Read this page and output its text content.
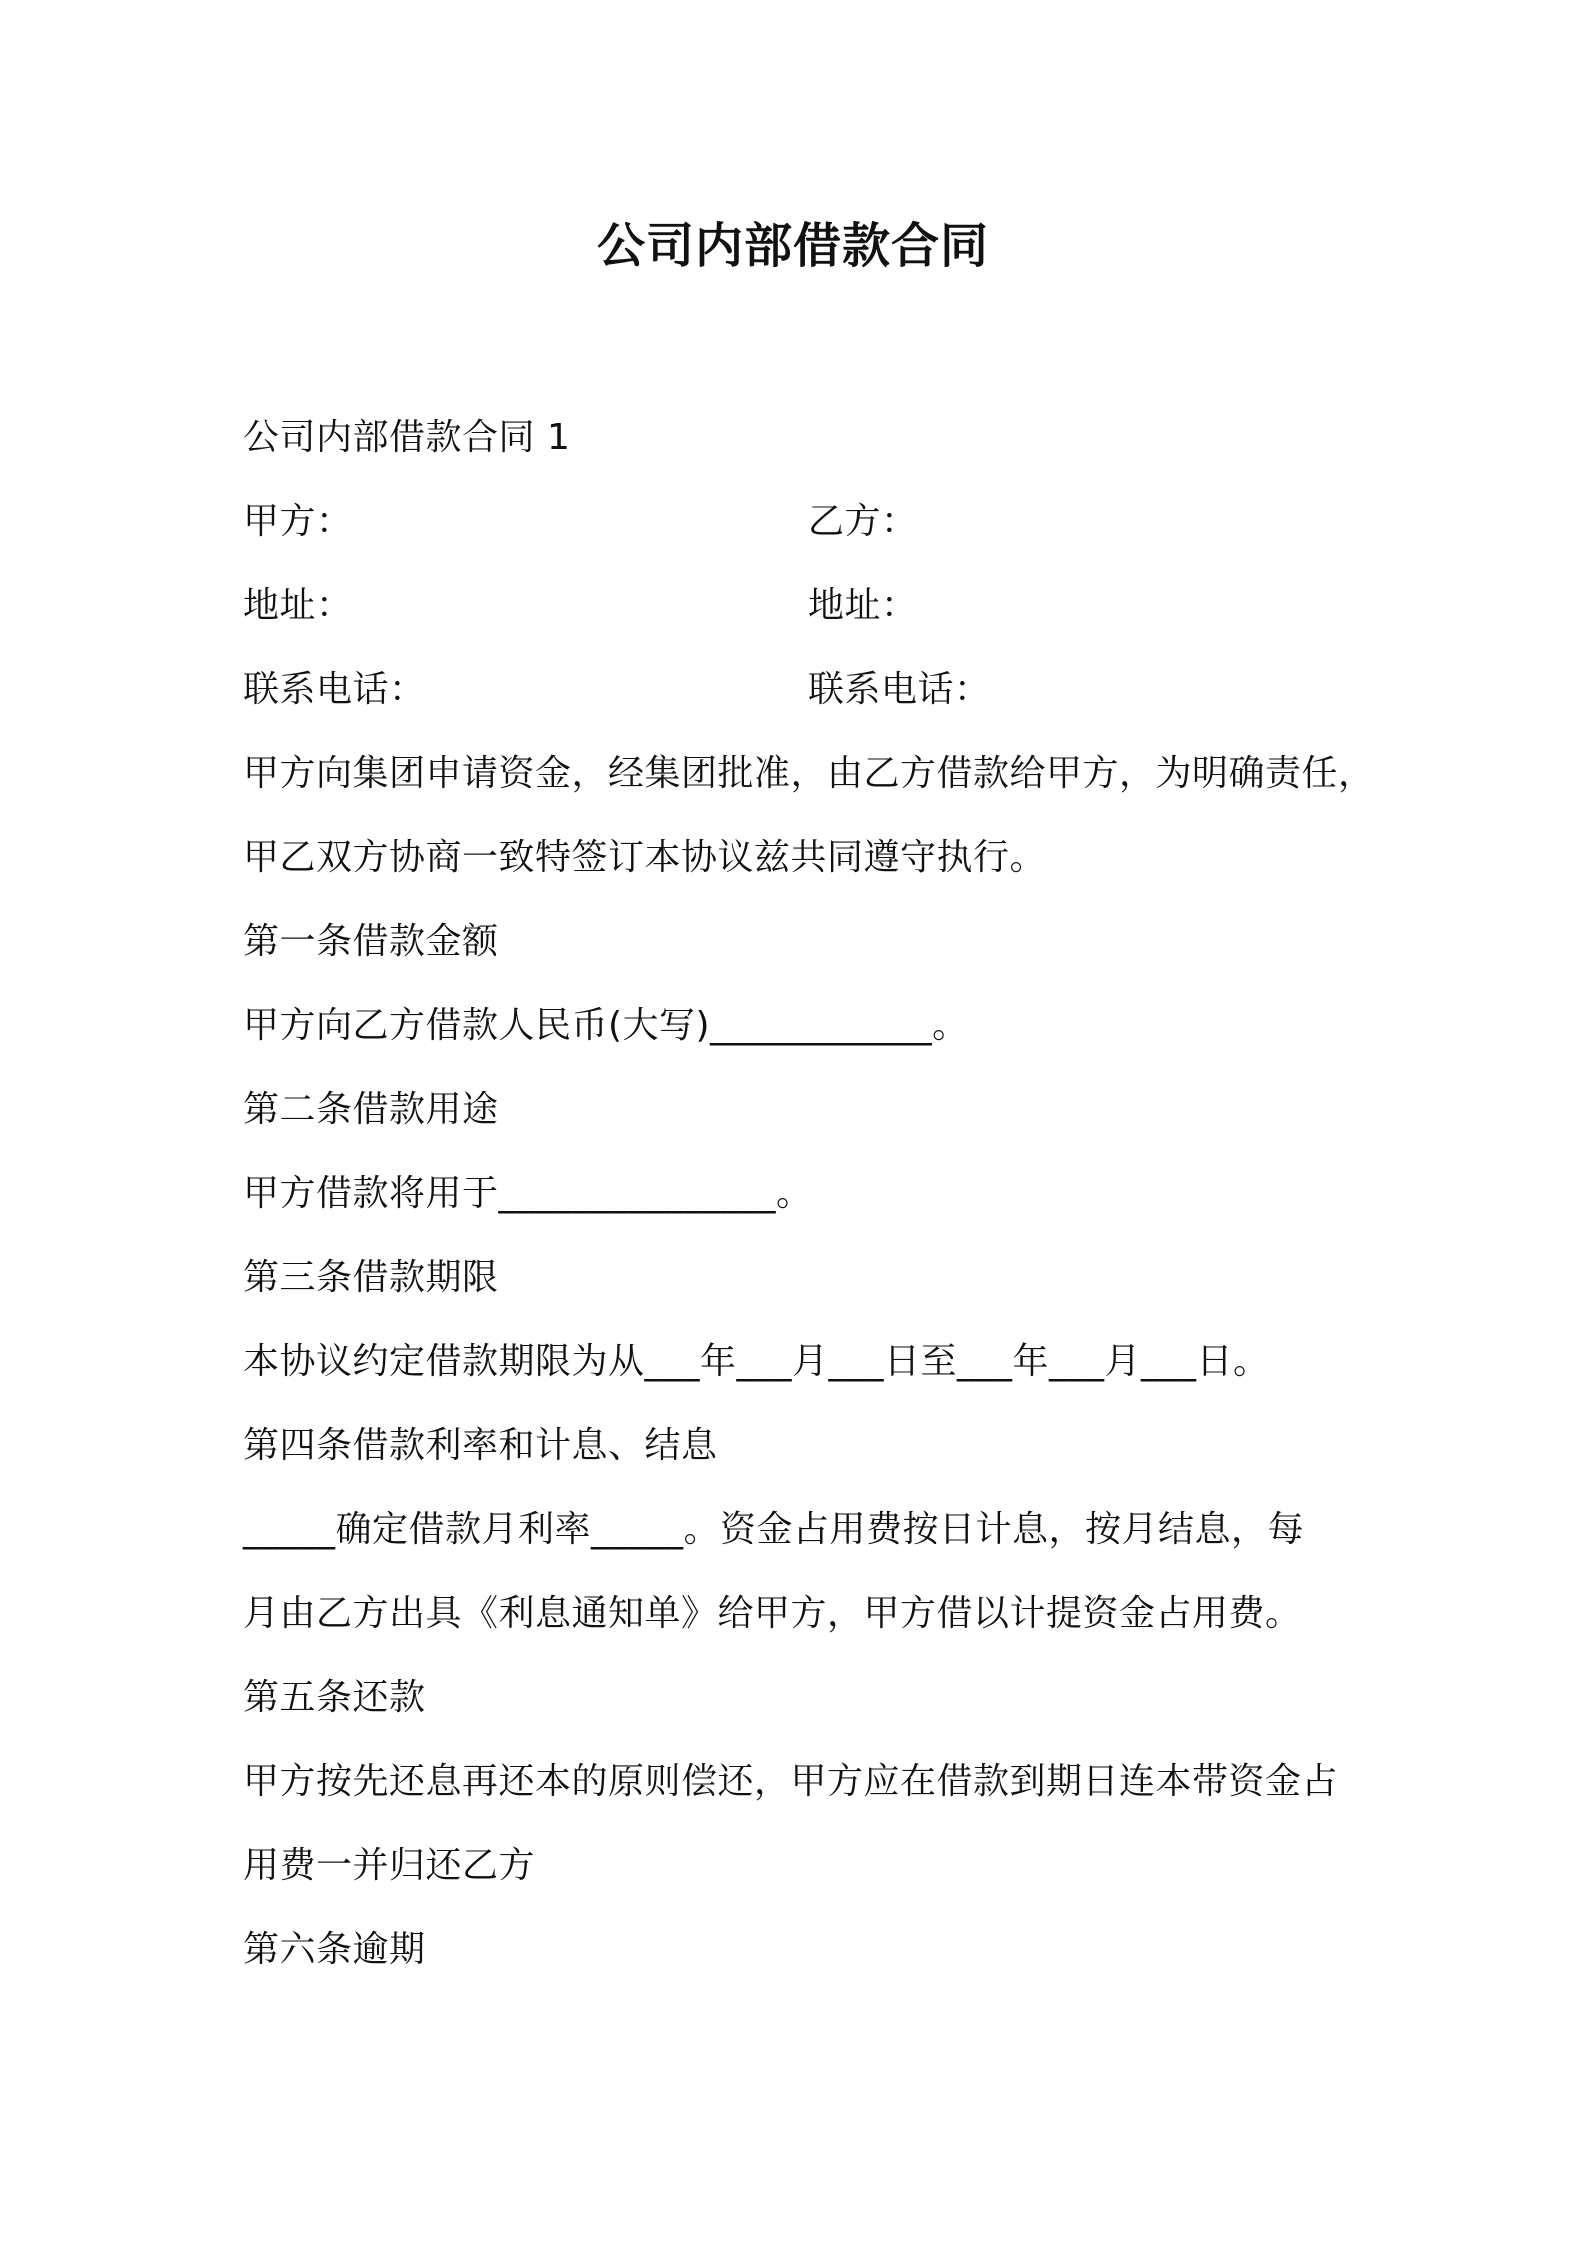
公司内部借款合同
公司内部借款合同 1
甲方：	乙方：
地址：	地址：
联系电话：	联系电话：
甲方向集团申请资金，经集团批准，由乙方借款给甲方，为明确责任，
甲乙双方协商一致特签订本协议兹共同遵守执行。
第一条借款金额
甲方向乙方借款人民币(大写)____________。
第二条借款用途
甲方借款将用于_______________。
第三条借款期限
本协议约定借款期限为从___年___月___日至___年___月___日。
第四条借款利率和计息、结息
_____确定借款月利率_____。资金占用费按日计息，按月结息，每
月由乙方出具《利息通知单》给甲方，甲方借以计提资金占用费。
第五条还款
甲方按先还息再还本的原则偿还，甲方应在借款到期日连本带资金占
用费一并归还乙方
第六条逾期
